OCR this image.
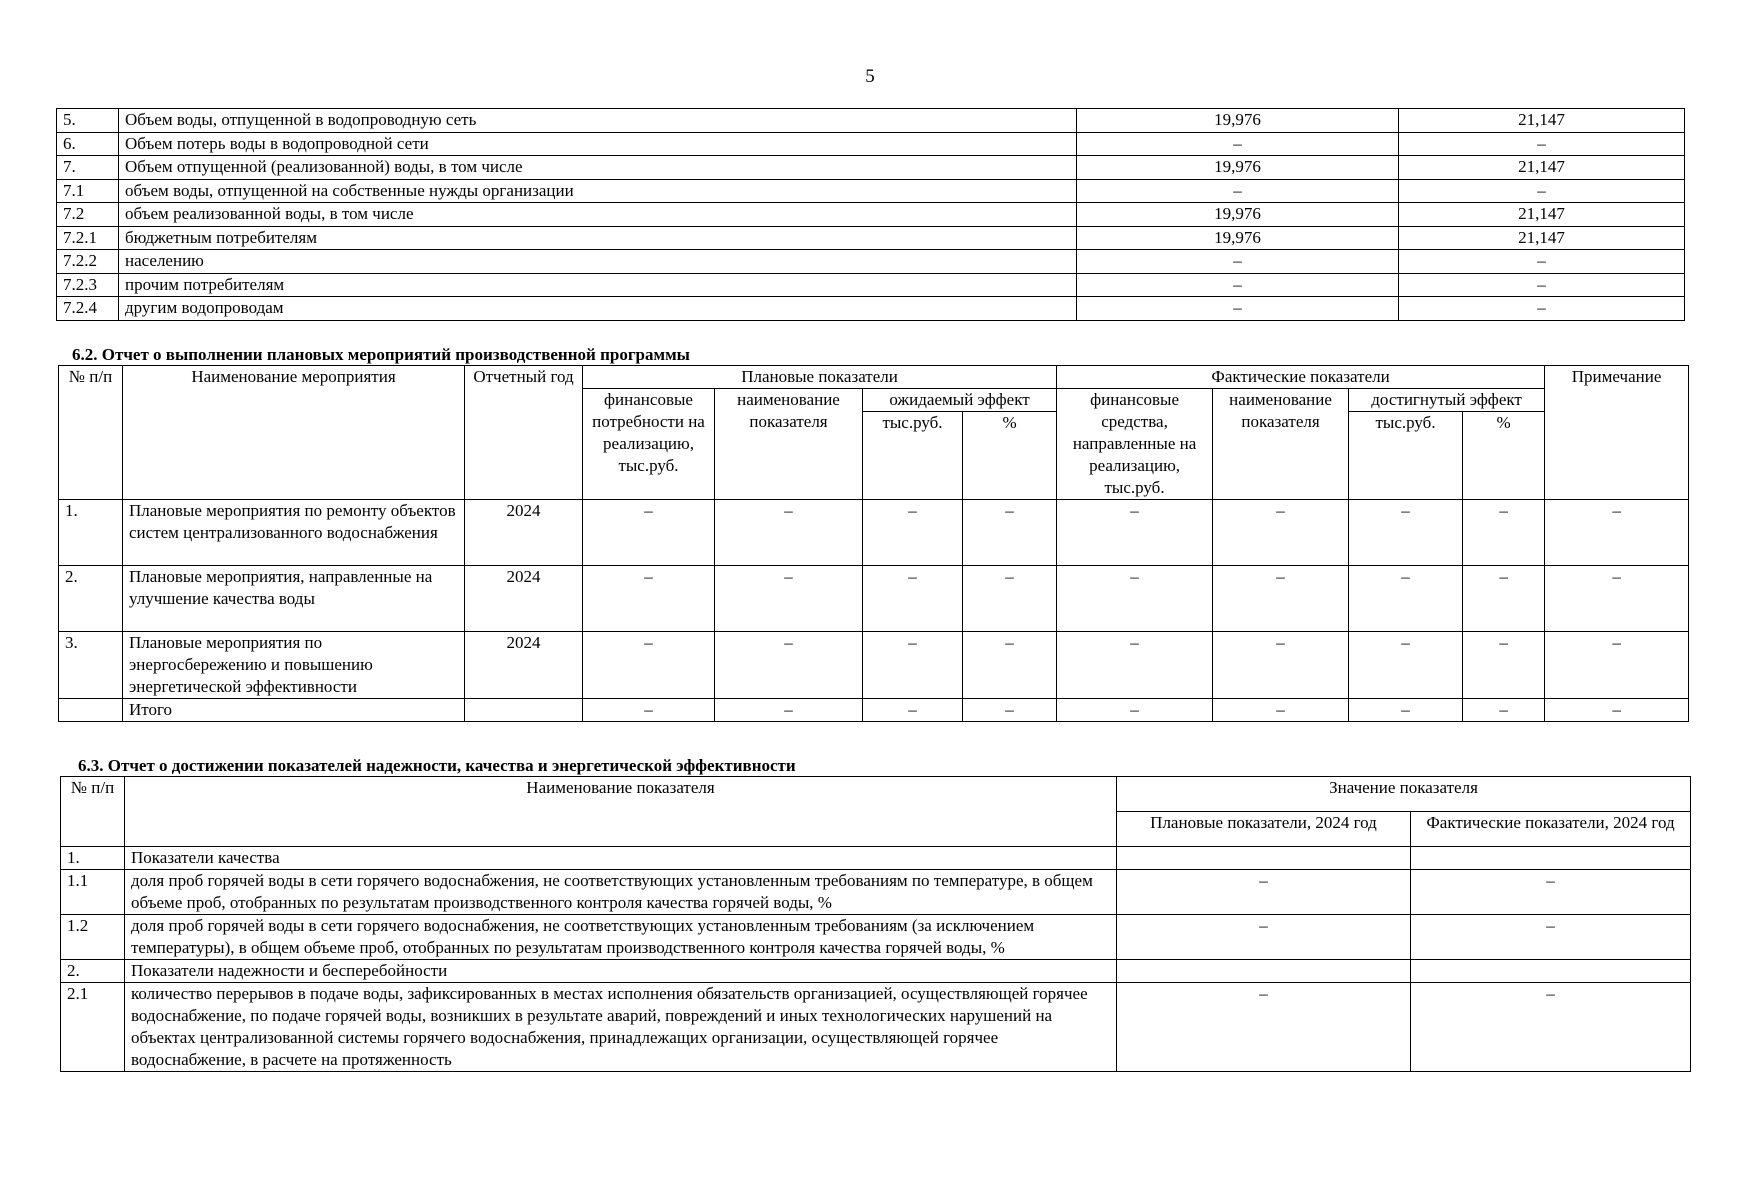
5
5.	Объем воды, отпущенной в водопроводную сеть	19,976	21,147
6.	Объем потерь воды в водопроводной сети	–	–
7.	Объем отпущенной (реализованной) воды, в том числе	19,976	21,147
7.1	объем воды, отпущенной на собственные нужды организации	–	–
7.2	объем реализованной воды, в том числе	19,976	21,147
7.2.1	бюджетным потребителям	19,976	21,147
7.2.2	населению	–	–
7.2.3	прочим потребителям	–	–
7.2.4	другим водопроводам	–	–
6.2. Отчет о выполнении плановых мероприятий производственной программы
№ п/п	Наименование мероприятия	Отчетный год	Плановые показатели				Фактические показатели				Примечание
			финансовые потребности на реализацию, тыс.руб.	наименование показателя	ожидаемый эффект		финансовые средства, направленные на реализацию, тыс.руб.	наименование показателя	достигнутый эффект		
					тыс.руб.	%			тыс.руб.	%	
1.	Плановые мероприятия по ремонту объектов систем централизованного водоснабжения	2024	–	–	–	–	–	–	–	–	–
2.	Плановые мероприятия, направленные на улучшение качества воды	2024	–	–	–	–	–	–	–	–	–
3.	Плановые мероприятия по энергосбережению и повышению энергетической эффективности	2024	–	–	–	–	–	–	–	–	–
	Итого		–	–	–	–	–	–	–	–	–
6.3. Отчет о достижении показателей надежности, качества и энергетической эффективности
№ п/п	Наименование показателя	Значение показателя	
		Плановые показатели, 2024 год	Фактические показатели, 2024 год
1.	Показатели качества		
1.1	доля проб горячей воды в сети горячего водоснабжения, не соответствующих установленным требованиям по температуре, в общем объеме проб, отобранных по результатам производственного контроля качества горячей воды, %	–	–
1.2	доля проб горячей воды в сети горячего водоснабжения, не соответствующих установленным требованиям (за исключением температуры), в общем объеме проб, отобранных по результатам производственного контроля качества горячей воды, %	–	–
2.	Показатели надежности и бесперебойности		
2.1	количество перерывов в подаче воды, зафиксированных в местах исполнения обязательств организацией, осуществляющей горячее водоснабжение, по подаче горячей воды, возникших в результате аварий, повреждений и иных технологических нарушений на объектах централизованной системы горячего водоснабжения, принадлежащих организации, осуществляющей горячее водоснабжение, в расчете на протяженность	–	–
